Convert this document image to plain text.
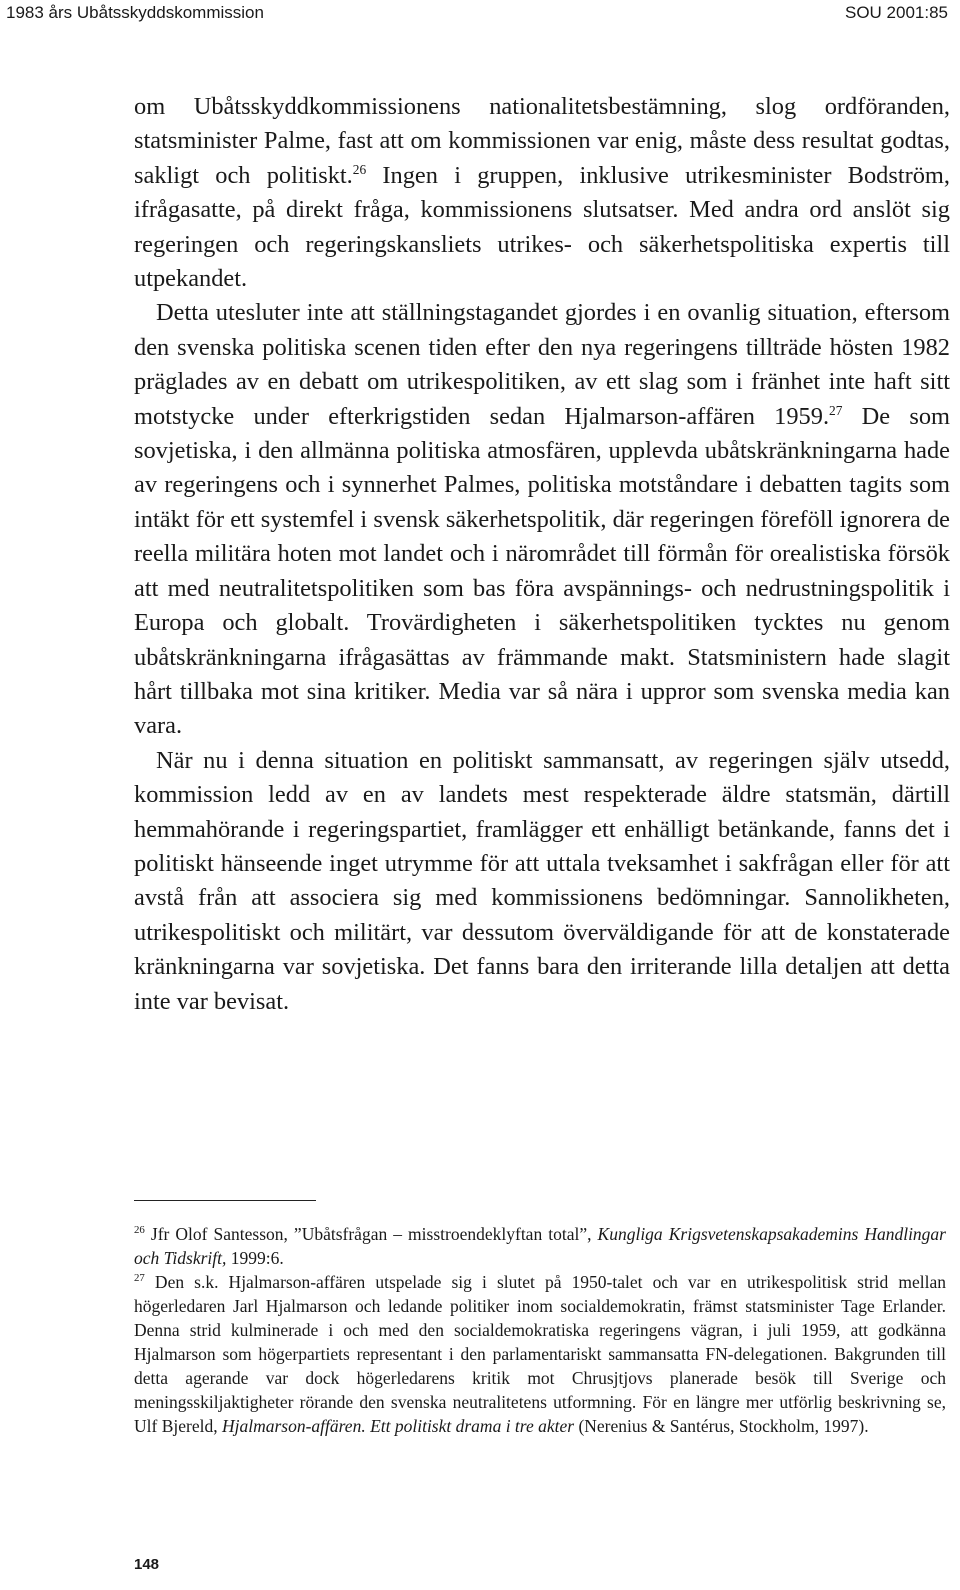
1983 års Ubåtsskyddskommission	SOU 2001:85

om Ubåtsskyddkommissionens nationalitetsbestämning, slog ordföranden, statsminister Palme, fast att om kommissionen var enig, måste dess resultat godtas, sakligt och politiskt.$^{26}$ Ingen i gruppen, inklusive utrikesminister Bodström, ifrågasatte, på direkt fråga, kommissionens slutsatser. Med andra ord anslöt sig regeringen och regeringskansliets utrikes- och säkerhetspolitiska expertis till utpekandet.

Detta utesluter inte att ställningstagandet gjordes i en ovanlig situation, eftersom den svenska politiska scenen tiden efter den nya regeringens tillträde hösten 1982 präglades av en debatt om utrikespolitiken, av ett slag som i fränhet inte haft sitt motstycke under efterkrigstiden sedan Hjalmarson-affären 1959.27 De som sovjetiska, i den allmänna politiska atmosfären, upplevda ubåtskränkningarna hade av regeringens och i synnerhet Palmes, politiska motståndare i debatten tagits som intäkt för ett systemfel i svensk säkerhetspolitik, där regeringen föreföll ignorera de reella militära hoten mot landet och i närområdet till förmån för orealistiska försök att med neutralitetspolitiken som bas föra avspännings- och nedrustningspolitik i Europa och globalt. Trovärdigheten i säkerhetspolitiken tycktes nu genom ubåtskränkningarna ifrågasättas av främmande makt. Statsministern hade slagit hårt tillbaka mot sina kritiker. Media var så nära i uppror som svenska media kan vara.

När nu i denna situation en politiskt sammansatt, av regeringen själv utsedd, kommission ledd av en av landets mest respekterade äldre statsmän, därtill hemmahörande i regeringspartiet, framlägger ett enhälligt betänkande, fanns det i politiskt hänseende inget utrymme för att uttala tveksamhet i sakfrågan eller för att avstå från att associera sig med kommissionens bedömningar. Sannolikheten, utrikespolitiskt och militärt, var dessutom överväldigande för att de konstaterade kränkningarna var sovjetiska. Det fanns bara den irriterande lilla detaljen att detta inte var bevisat.

$^{26}$ Jfr Olof Santesson, ”Ubåtsfrågan – misstroendeklyftan total”, Kungliga Krigsvetenskapsakademins Handlingar och Tidskrift, 1999:6.

$^{27}$ Den s.k. Hjalmarson-affären utspelade sig i slutet på 1950-talet och var en utrikespolitisk strid mellan högerledaren Jarl Hjalmarson och ledande politiker inom socialdemokratin, främst statsminister Tage Erlander. Denna strid kulminerade i och med den socialdemokratiska regeringens vägran, i juli 1959, att godkänna Hjalmarson som högerpartiets representant i den parlamentariskt sammansatta FN-delegationen. Bakgrunden till detta agerande var dock högerledarens kritik mot Chrusjtjovs planerade besök till Sverige och meningsskiljaktigheter rörande den svenska neutralitetens utformning. För en längre mer utförlig beskrivning se, Ulf Bjereld, Hjalmarson-affären. Ett politiskt drama i tre akter (Nerenius & Santérus, Stockholm, 1997).

148
